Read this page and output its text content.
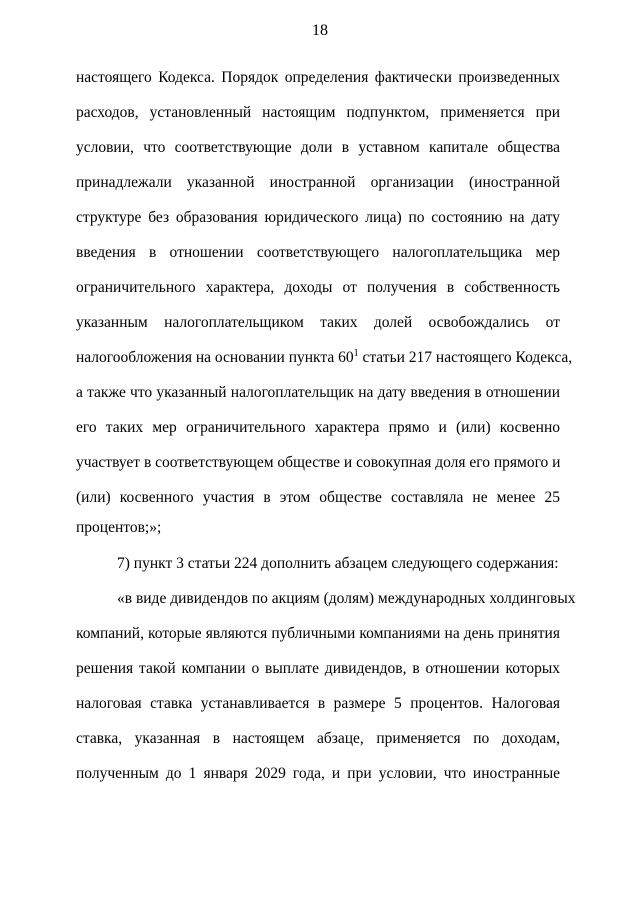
18
настоящего Кодекса. Порядок определения фактически произведенных
расходов, установленный настоящим подпунктом, применяется при
условии, что соответствующие доли в уставном капитале общества
принадлежали указанной иностранной организации (иностранной
структуре без образования юридического лица) по состоянию на дату
введения в отношении соответствующего налогоплательщика мер
ограничительного характера, доходы от получения в собственность
указанным налогоплательщиком таких долей освобождались от
налогообложения на основании пункта $60^1$ статьи 217 настоящего Кодекса,
а также что указанный налогоплательщик на дату введения в отношении
его таких мер ограничительного характера прямо и (или) косвенно
участвует в соответствующем обществе и совокупная доля его прямого и
(или) косвенного участия в этом обществе составляла не менее 25
процентов;»;
7) пункт 3 статьи 224 дополнить абзацем следующего содержания:
«в виде дивидендов по акциям (долям) международных холдинговых
компаний, которые являются публичными компаниями на день принятия
решения такой компании о выплате дивидендов, в отношении которых
налоговая ставка устанавливается в размере 5 процентов. Налоговая
ставка, указанная в настоящем абзаце, применяется по доходам,
полученным до 1 января 2029 года, и при условии, что иностранные
